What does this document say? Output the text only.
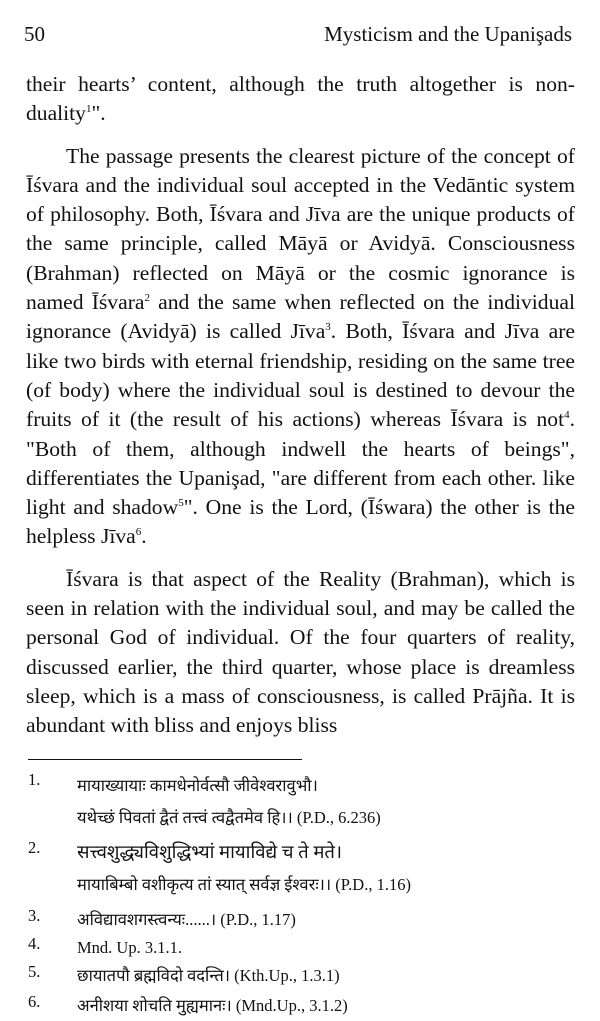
50	Mysticism and the Upanişads

their hearts’ content, although the truth altogether is non-duality$^1$".

The passage presents the clearest picture of the concept of Īśvara and the individual soul accepted in the Vedāntic system of philosophy. Both, Īśvara and Jīva are the unique products of the same principle, called Māyā or Avidyā. Consciousness (Brahman) reflected on Māyā or the cosmic ignorance is named Īśvara$^2$ and the same when reflected on the individual ignorance (Avidyā) is called Jīva$^3$. Both, Īśvara and Jīva are like two birds with eternal friendship, residing on the same tree (of body) where the individual soul is destined to devour the fruits of it (the result of his actions) whereas Īśvara is not$^4$. "Both of them, although indwell the hearts of beings", differentiates the Upanişad, "are different from each other. like light and shadow$^5$". One is the Lord, (Īśwara) the other is the helpless Jīva$^6$.

Īśvara is that aspect of the Reality (Brahman), which is seen in relation with the individual soul, and may be called the personal God of individual. Of the four quarters of reality, discussed earlier, the third quarter, whose place is dreamless sleep, which is a mass of consciousness, is called Prājña. It is abundant with bliss and enjoys bliss

1.	मायाख्यायाः कामधेनोर्वत्सौ जीवेश्वरावुभौ।
यथेच्छं पिवतां द्वैतं तत्त्वं त्वद्वैतमेव हि।। (P.D., 6.236)
2.	सत्त्वशुद्ध्यविशुद्धिभ्यां मायाविद्ये च ते मते।
मायाबिम्बो वशीकृत्य तां स्यात् सर्वज्ञ ईश्वरः।। (P.D., 1.16)
3.	अविद्यावशगस्त्वन्यः......। (P.D., 1.17)
4.	Mnd. Up. 3.1.1.
5.	छायातपौ ब्रह्मविदो वदन्ति। (Kth.Up., 1.3.1)
6.	अनीशया शोचति मुह्यमानः। (Mnd.Up., 3.1.2)
